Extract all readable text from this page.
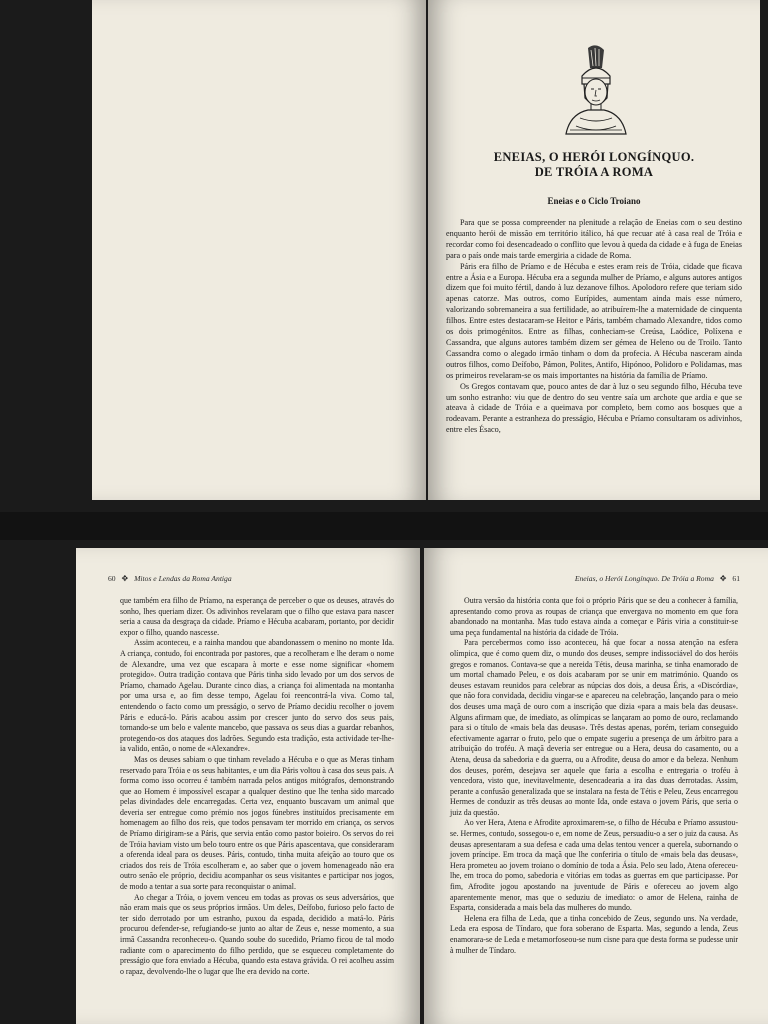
ENEIAS, O HERÓI LONGÍNQUO.
DE TRÓIA A ROMA
Eneias e o Ciclo Troiano

Para que se possa compreender na plenitude a relação de Eneias com o seu destino enquanto herói de missão em território itálico, há que recuar até à casa real de Tróia e recordar como foi desencadeado o conflito que levou à queda da cidade e à fuga de Eneias para o país onde mais tarde emergiria a cidade de Roma.

Páris era filho de Príamo e de Hécuba e estes eram reis de Tróia, cidade que ficava entre a Ásia e a Europa. Hécuba era a segunda mulher de Príamo, e alguns autores antigos dizem que foi muito fértil, dando à luz dezanove filhos. Apolodoro refere que teriam sido apenas catorze. Mas outros, como Eurípides, aumentam ainda mais esse número, valorizando sobremaneira a sua fertilidade, ao atribuírem-lhe a maternidade de cinquenta filhos. Entre estes destacaram-se Heitor e Páris, também chamado Alexandre, tidos como os dois primogénitos. Entre as filhas, conheciam-se Creúsa, Laódice, Políxena e Cassandra, que alguns autores também dizem ser gémea de Heleno ou de Troilo. Tanto Cassandra como o alegado irmão tinham o dom da profecia. A Hécuba nasceram ainda outros filhos, como Deífobo, Pámon, Polites, Antifo, Hipónoo, Polidoro e Polidamas, mas os primeiros revelaram-se os mais importantes na história da família de Príamo.

Os Gregos contavam que, pouco antes de dar à luz o seu segundo filho, Hécuba teve um sonho estranho: viu que de dentro do seu ventre saía um archote que ardia e que se ateava à cidade de Tróia e a queimava por completo, bem como aos bosques que a rodeavam. Perante a estranheza do presságio, Hécuba e Príamo consultaram os adivinhos, entre eles Ésaco,

60 ✥ Mitos e Lendas da Roma Antiga

que também era filho de Príamo, na esperança de perceber o que os deuses, através do sonho, lhes queriam dizer. Os adivinhos revelaram que o filho que estava para nascer seria a causa da desgraça da cidade. Príamo e Hécuba acabaram, portanto, por decidir expor o filho, quando nascesse.

Assim aconteceu, e a rainha mandou que abandonassem o menino no monte Ida. A criança, contudo, foi encontrada por pastores, que a recolheram e lhe deram o nome de Alexandre, uma vez que escapara à morte e esse nome significar «homem protegido». Outra tradição contava que Páris tinha sido levado por um dos servos de Príamo, chamado Agelau. Durante cinco dias, a criança foi alimentada na montanha por uma ursa e, ao fim desse tempo, Agelau foi reencontrá-la viva. Como tal, entendendo o facto como um presságio, o servo de Príamo decidiu recolher o jovem Páris e educá-lo. Páris acabou assim por crescer junto do servo dos seus pais, tornando-se um belo e valente mancebo, que passava os seus dias a guardar rebanhos, protegendo-os dos ataques dos ladrões. Segundo esta tradição, esta actividade ter-lhe-ia valido, então, o nome de «Alexandre».

Mas os deuses sabiam o que tinham revelado a Hécuba e o que as Meras tinham reservado para Tróia e os seus habitantes, e um dia Páris voltou à casa dos seus pais. A forma como isso ocorreu é também narrada pelos antigos mitógrafos, demonstrando que ao Homem é impossível escapar a qualquer destino que lhe tenha sido marcado pelas divindades dele encarregadas. Certa vez, enquanto buscavam um animal que deveria ser entregue como prémio nos jogos fúnebres instituídos precisamente em homenagem ao filho dos reis, que todos pensavam ter morrido em criança, os servos de Príamo dirigiram-se a Páris, que servia então como pastor boieiro. Os servos do rei de Tróia haviam visto um belo touro entre os que Páris apascentava, que consideraram a oferenda ideal para os deuses. Páris, contudo, tinha muita afeição ao touro que os criados dos reis de Tróia escolheram e, ao saber que o jovem homenageado não era outro senão ele próprio, decidiu acompanhar os seus visitantes e participar nos jogos, de modo a tentar a sua sorte para reconquistar o animal.

Ao chegar a Tróia, o jovem venceu em todas as provas os seus adversários, que não eram mais que os seus próprios irmãos. Um deles, Deífobo, furioso pelo facto de ter sido derrotado por um estranho, puxou da espada, decidido a matá-lo. Páris procurou defender-se, refugiando-se junto ao altar de Zeus e, nesse momento, a sua irmã Cassandra reconheceu-o. Quando soube do sucedido, Príamo ficou de tal modo radiante com o aparecimento do filho perdido, que se esqueceu completamente do presságio que fora enviado a Hécuba, quando esta estava grávida. O rei acolheu assim o rapaz, devolvendo-lhe o lugar que lhe era devido na corte.

Eneias, o Herói Longínquo. De Tróia a Roma ✥ 61

Outra versão da história conta que foi o próprio Páris que se deu a conhecer à família, apresentando como prova as roupas de criança que envergava no momento em que fora abandonado na montanha. Mas tudo estava ainda a começar e Páris viria a constituir-se uma peça fundamental na história da cidade de Tróia.

Para percebermos como isso aconteceu, há que focar a nossa atenção na esfera olímpica, que é como quem diz, o mundo dos deuses, sempre indissociável do dos heróis gregos e romanos. Contava-se que a nereida Tétis, deusa marinha, se tinha enamorado de um mortal chamado Peleu, e os dois acabaram por se unir em matrimónio. Quando os deuses estavam reunidos para celebrar as núpcias dos dois, a deusa Éris, a «Discórdia», que não fora convidada, decidiu vingar-se e apareceu na celebração, lançando para o meio dos deuses uma maçã de ouro com a inscrição que dizia «para a mais bela das deusas». Alguns afirmam que, de imediato, as olímpicas se lançaram ao pomo de ouro, reclamando para si o título de «mais bela das deusas». Três destas apenas, porém, teriam conseguido efectivamente agarrar o fruto, pelo que o empate sugeriu a presença de um árbitro para a atribuição do troféu. A maçã deveria ser entregue ou a Hera, deusa do casamento, ou a Atena, deusa da sabedoria e da guerra, ou a Afrodite, deusa do amor e da beleza. Nenhum dos deuses, porém, desejava ser aquele que faria a escolha e entregaria o troféu à vencedora, visto que, inevitavelmente, desencadearia a ira das duas derrotadas. Assim, perante a confusão generalizada que se instalara na festa de Tétis e Peleu, Zeus encarregou Hermes de conduzir as três deusas ao monte Ida, onde estava o jovem Páris, que seria o juiz da questão.

Ao ver Hera, Atena e Afrodite aproximarem-se, o filho de Hécuba e Príamo assustou-se. Hermes, contudo, sossegou-o e, em nome de Zeus, persuadiu-o a ser o juiz da causa. As deusas apresentaram a sua defesa e cada uma delas tentou vencer a querela, subornando o jovem príncipe. Em troca da maçã que lhe conferiria o título de «mais bela das deusas», Hera prometeu ao jovem troiano o domínio de toda a Ásia. Pelo seu lado, Atena ofereceu-lhe, em troca do pomo, sabedoria e vitórias em todas as guerras em que participasse. Por fim, Afrodite jogou apostando na juventude de Páris e ofereceu ao jovem algo aparentemente menor, mas que o seduziu de imediato: o amor de Helena, rainha de Esparta, considerada a mais bela das mulheres do mundo.

Helena era filha de Leda, que a tinha concebido de Zeus, segundo uns. Na verdade, Leda era esposa de Tíndaro, que fora soberano de Esparta. Mas, segundo a lenda, Zeus enamorara-se de Leda e metamorfoseou-se num cisne para que desta forma se pudesse unir à mulher de Tíndaro.
